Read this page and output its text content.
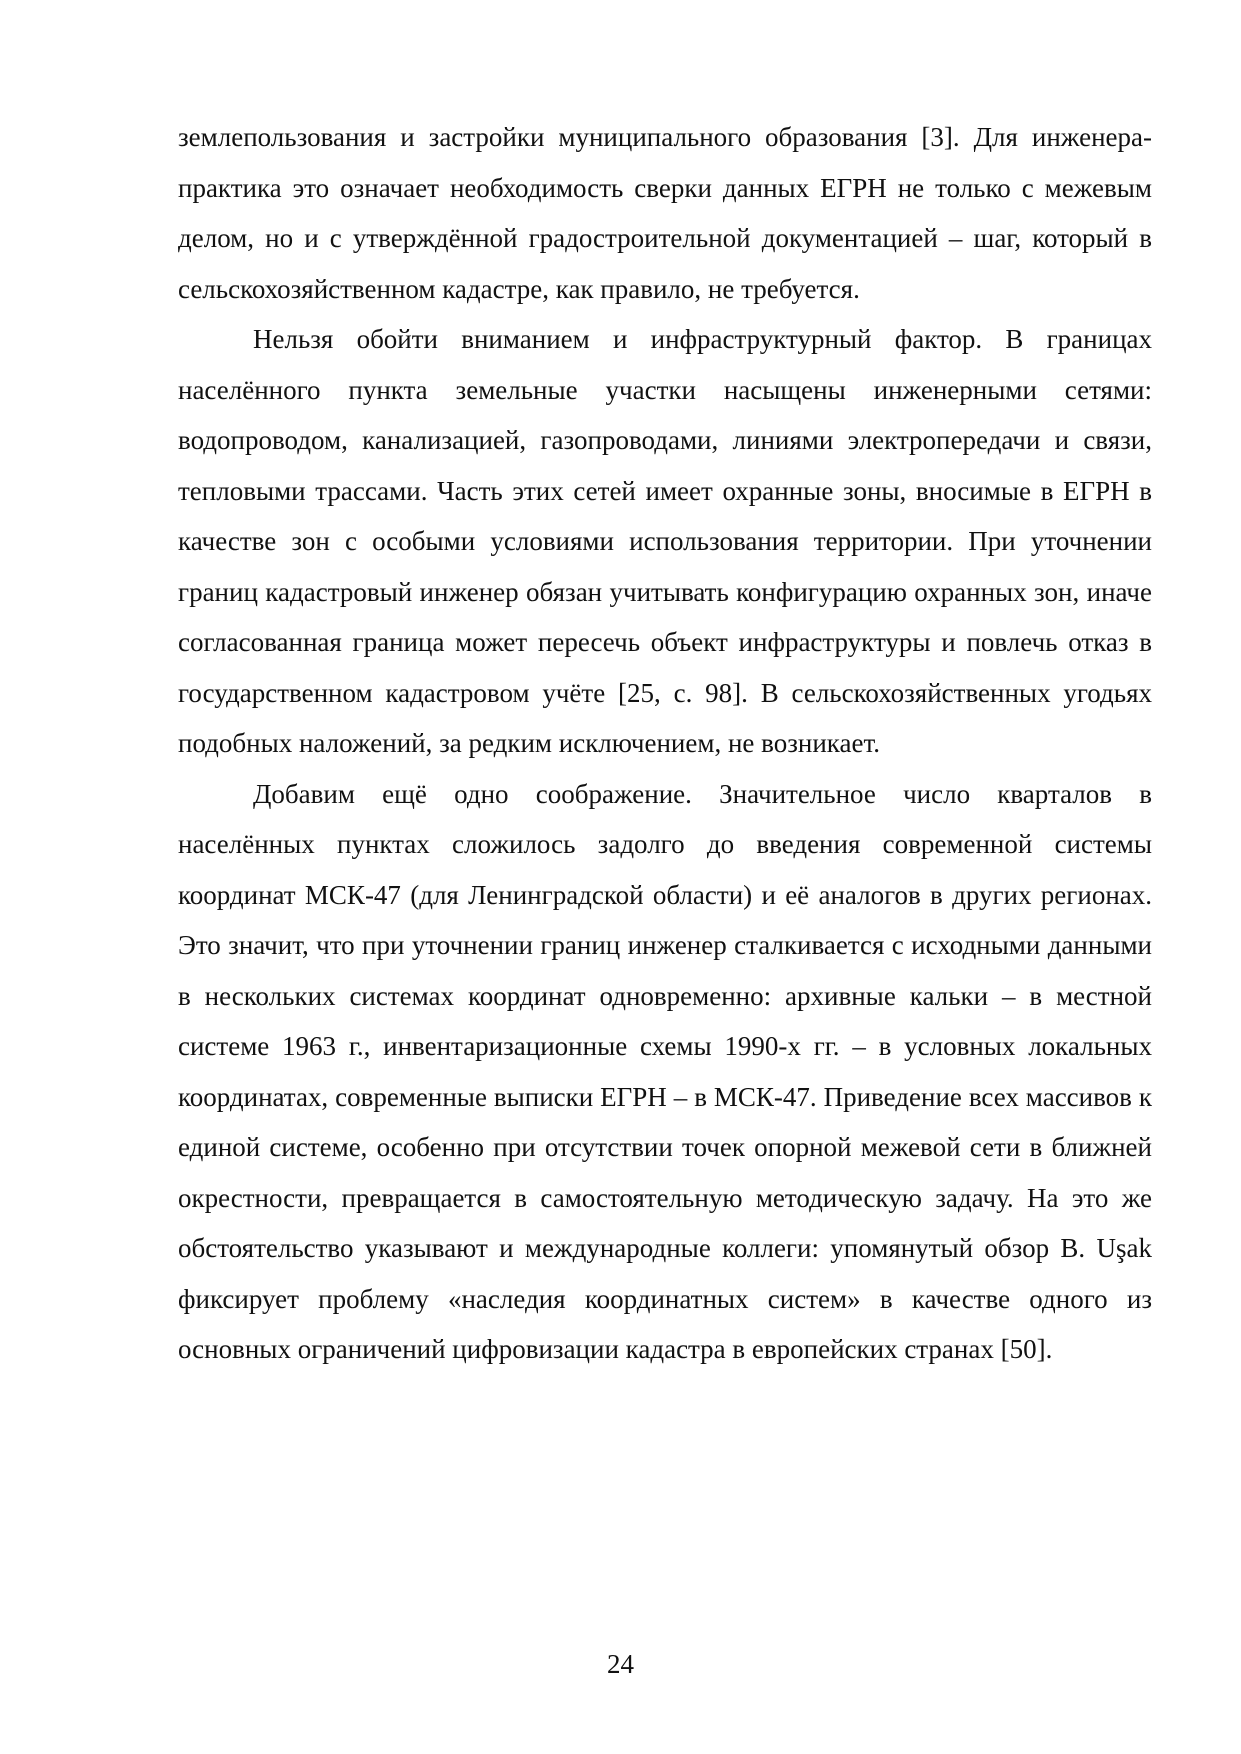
землепользования и застройки муниципального образования [3]. Для инженера-практика это означает необходимость сверки данных ЕГРН не только с межевым делом, но и с утверждённой градостроительной документацией – шаг, который в сельскохозяйственном кадастре, как правило, не требуется.

Нельзя обойти вниманием и инфраструктурный фактор. В границах населённого пункта земельные участки насыщены инженерными сетями: водопроводом, канализацией, газопроводами, линиями электропередачи и связи, тепловыми трассами. Часть этих сетей имеет охранные зоны, вносимые в ЕГРН в качестве зон с особыми условиями использования территории. При уточнении границ кадастровый инженер обязан учитывать конфигурацию охранных зон, иначе согласованная граница может пересечь объект инфраструктуры и повлечь отказ в государственном кадастровом учёте [25, с. 98]. В сельскохозяйственных угодьях подобных наложений, за редким исключением, не возникает.

Добавим ещё одно соображение. Значительное число кварталов в населённых пунктах сложилось задолго до введения современной системы координат МСК-47 (для Ленинградской области) и её аналогов в других регионах. Это значит, что при уточнении границ инженер сталкивается с исходными данными в нескольких системах координат одновременно: архивные кальки – в местной системе 1963 г., инвентаризационные схемы 1990-х гг. – в условных локальных координатах, современные выписки ЕГРН – в МСК-47. Приведение всех массивов к единой системе, особенно при отсутствии точек опорной межевой сети в ближней окрестности, превращается в самостоятельную методическую задачу. На это же обстоятельство указывают и международные коллеги: упомянутый обзор B. Uşak фиксирует проблему «наследия координатных систем» в качестве одного из основных ограничений цифровизации кадастра в европейских странах [50].

24
